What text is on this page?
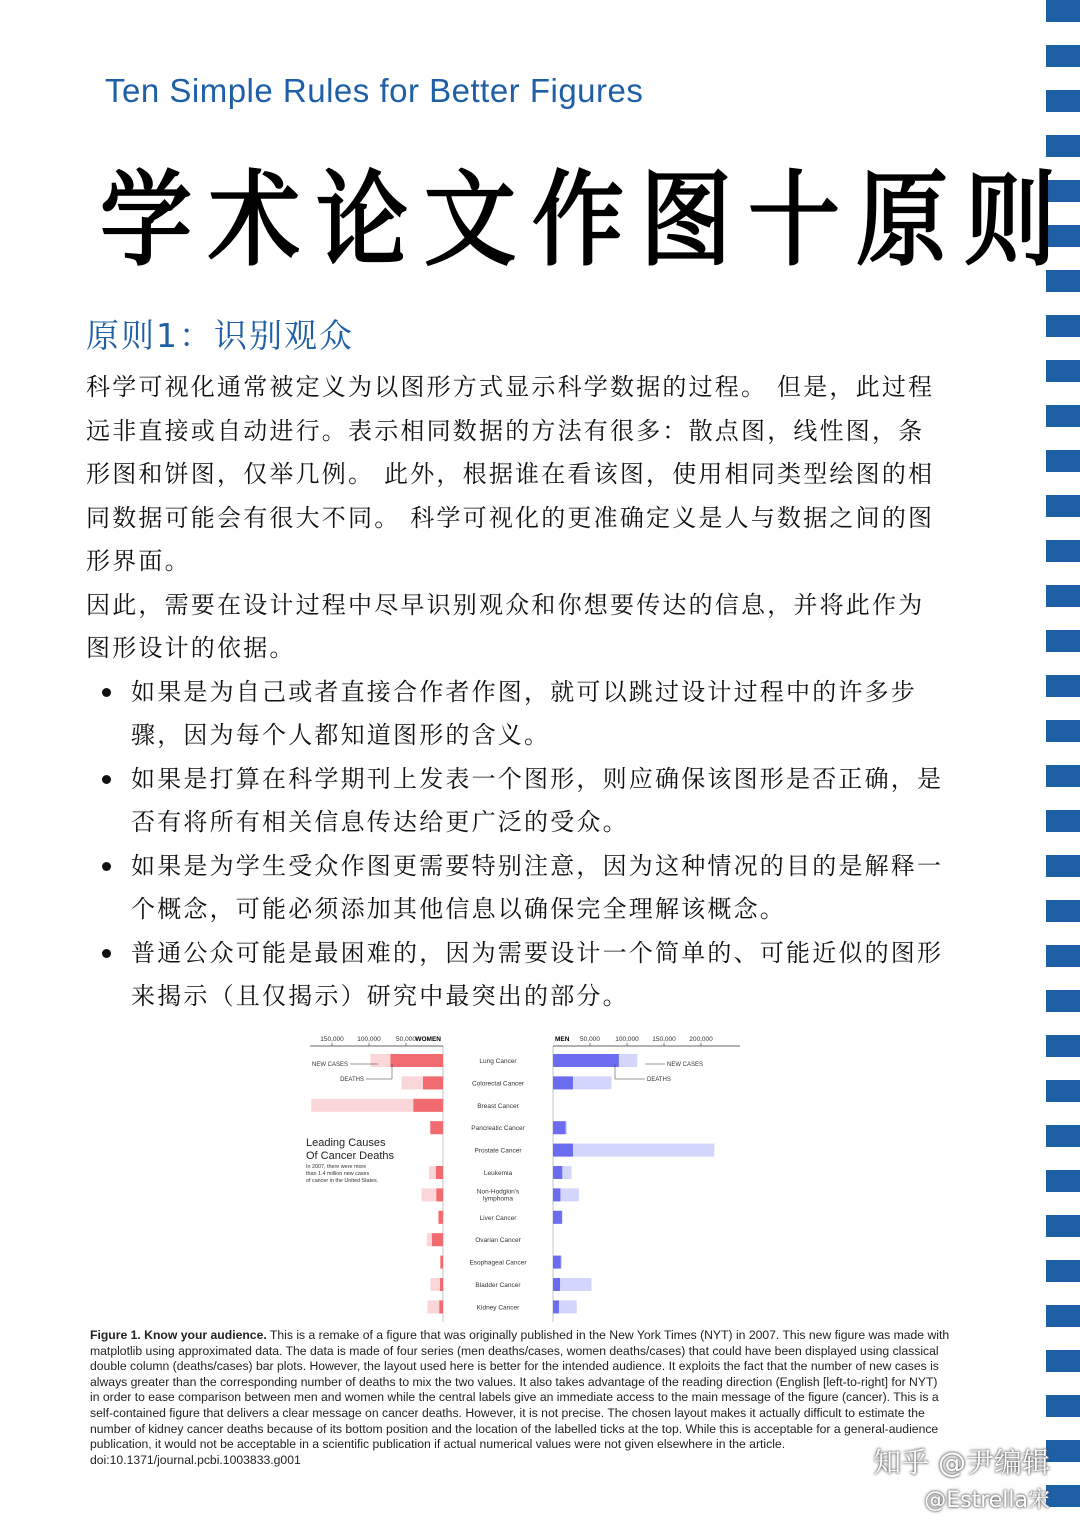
Ten Simple Rules for Better Figures
学术论文作图十原则
原则1：识别观众

科学可视化通常被定义为以图形方式显示科学数据的过程。 但是，此过程远非直接或自动进行。表示相同数据的方法有很多：散点图，线性图，条形图和饼图，仅举几例。 此外，根据谁在看该图，使用相同类型绘图的相同数据可能会有很大不同。 科学可视化的更准确定义是人与数据之间的图形界面。

因此，需要在设计过程中尽早识别观众和你想要传达的信息，并将此作为图形设计的依据。

如果是为自己或者直接合作者作图，就可以跳过设计过程中的许多步骤，因为每个人都知道图形的含义。
如果是打算在科学期刊上发表一个图形，则应确保该图形是否正确，是否有将所有相关信息传达给更广泛的受众。
如果是为学生受众作图更需要特别注意，因为这种情况的目的是解释一个概念，可能必须添加其他信息以确保完全理解该概念。
普通公众可能是最困难的，因为需要设计一个简单的、可能近似的图形来揭示（且仅揭示）研究中最突出的部分。
150,000 100,000 50,000 WOMEN	50,000 100,000 150,000 200,000
MEN
Lung Cancer
Colorectal Cancer
Breast Cancer
Pancreatic Cancer
Prostate Cancer
Leukemia
Non-Hodgkin's
lymphoma
Liver Cancer
Ovarian Cancer
Esophageal Cancer
Bladder Cancer
Kidney Cancer
NEW CASES
DEATHS
NEW CASES
DEATHS
Leading Causes
Of Cancer Deaths
In 2007, there were more
than 1.4 million new cases
of cancer in the United States.
Figure 1. Know your audience. This is a remake of a figure that was originally published in the New York Times (NYT) in 2007. This new figure was made with matplotlib using approximated data. The data is made of four series (men deaths/cases, women deaths/cases) that could have been displayed using classical double column (deaths/cases) bar plots. However, the layout used here is better for the intended audience. It exploits the fact that the number of new cases is always greater than the corresponding number of deaths to mix the two values. It also takes advantage of the reading direction (English [left-to-right] for NYT) in order to ease comparison between men and women while the central labels give an immediate access to the main message of the figure (cancer). This is a self-contained figure that delivers a clear message on cancer deaths. However, it is not precise. The chosen layout makes it actually difficult to estimate the number of kidney cancer deaths because of its bottom position and the location of the labelled ticks at the top. While this is acceptable for a general-audience publication, it would not be acceptable in a scientific publication if actual numerical values were not given elsewhere in the article.
doi:10.1371/journal.pcbi.1003833.g001	知乎 @尹编辑
@Estrella宋
